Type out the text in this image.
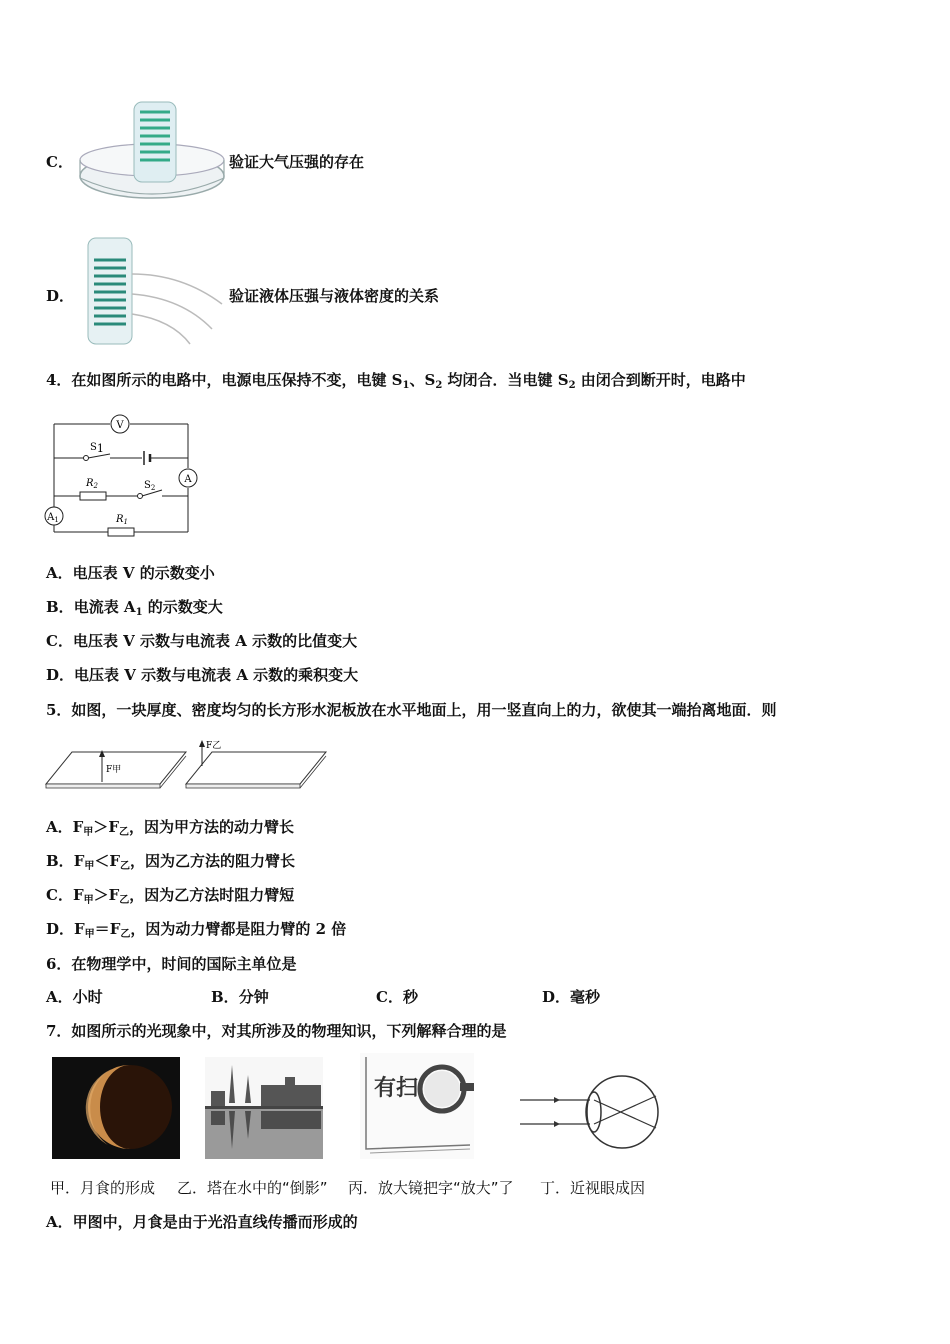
C．	验证大气压强的存在
D．	验证液体压强与液体密度的关系
4．在如图所示的电路中，电源电压保持不变，电键 $S_1$、$S_2$ 均闭合．当电键 $S_2$ 由闭合到断开时，电路中
V
S1
A
$R_2$	$S_2$
$A_1$	$R_1$
A．电压表 V 的示数变小
B．电流表 $A_1$ 的示数变大
C．电压表 V 示数与电流表 A 示数的比值变大
D．电压表 V 示数与电流表 A 示数的乘积变大
5．如图，一块厚度、密度均匀的长方形水泥板放在水平地面上，用一竖直向上的力，欲使其一端抬离地面．则
F甲
F乙
A．$F_甲>F_乙$，因为甲方法的动力臂长
B．$F_甲<F_乙$，因为乙方法的阻力臂长
C．$F_甲>F_乙$，因为乙方法时阻力臂短
D．$F_甲=F_乙$，因为动力臂都是阻力臂的 2 倍
6．在物理学中，时间的国际主单位是
A．小时	B．分钟	C．秒	D．毫秒
7．如图所示的光现象中，对其所涉及的物理知识，下列解释合理的是
有扫
甲．月食的形成 乙．塔在水中的“倒影” 丙．放大镜把字“放大”了 丁．近视眼成因
A．甲图中，月食是由于光沿直线传播而形成的
